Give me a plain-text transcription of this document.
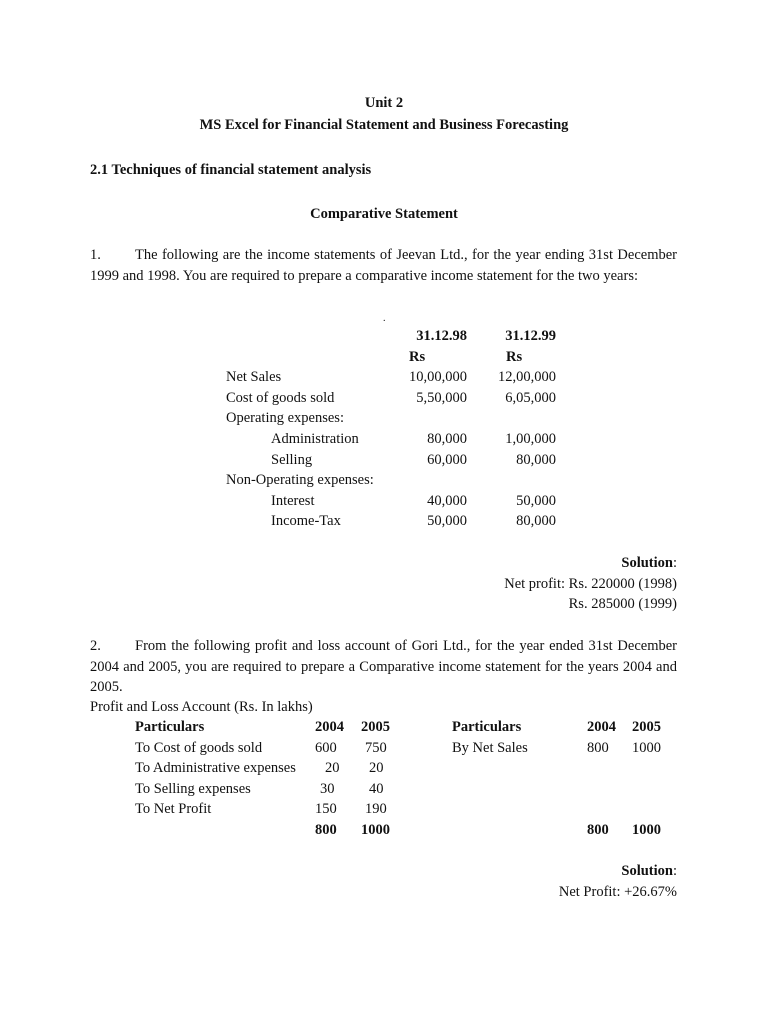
Unit 2
MS Excel for Financial Statement and Business Forecasting
2.1 Techniques of financial statement analysis
Comparative Statement
1. The following are the income statements of Jeevan Ltd., for the year ending 31st December 1999 and 1998. You are required to prepare a comparative income statement for the two years:
.
	31.12.98	31.12.99
	Rs	Rs
Net Sales	10,00,000	12,00,000
Cost of goods sold	5,50,000	6,05,000
Operating expenses:		
Administration	80,000	1,00,000
Selling	60,000	80,000
Non-Operating expenses:		
Interest	40,000	50,000
Income-Tax	50,000	80,000
Solution:
Net profit: Rs. 220000 (1998)
Rs. 285000 (1999)
2. From the following profit and loss account of Gori Ltd., for the year ended 31st December 2004 and 2005, you are required to prepare a Comparative income statement for the years 2004 and 2005.
Profit and Loss Account (Rs. In lakhs)
Particulars	2004	2005	Particulars	2004	2005
To Cost of goods sold	600	750	By Net Sales	800	1000
To Administrative expenses	20	20			
To Selling expenses	30	40			
To Net Profit	150	190			
	800	1000		800	1000
Solution:
Net Profit: +26.67%
